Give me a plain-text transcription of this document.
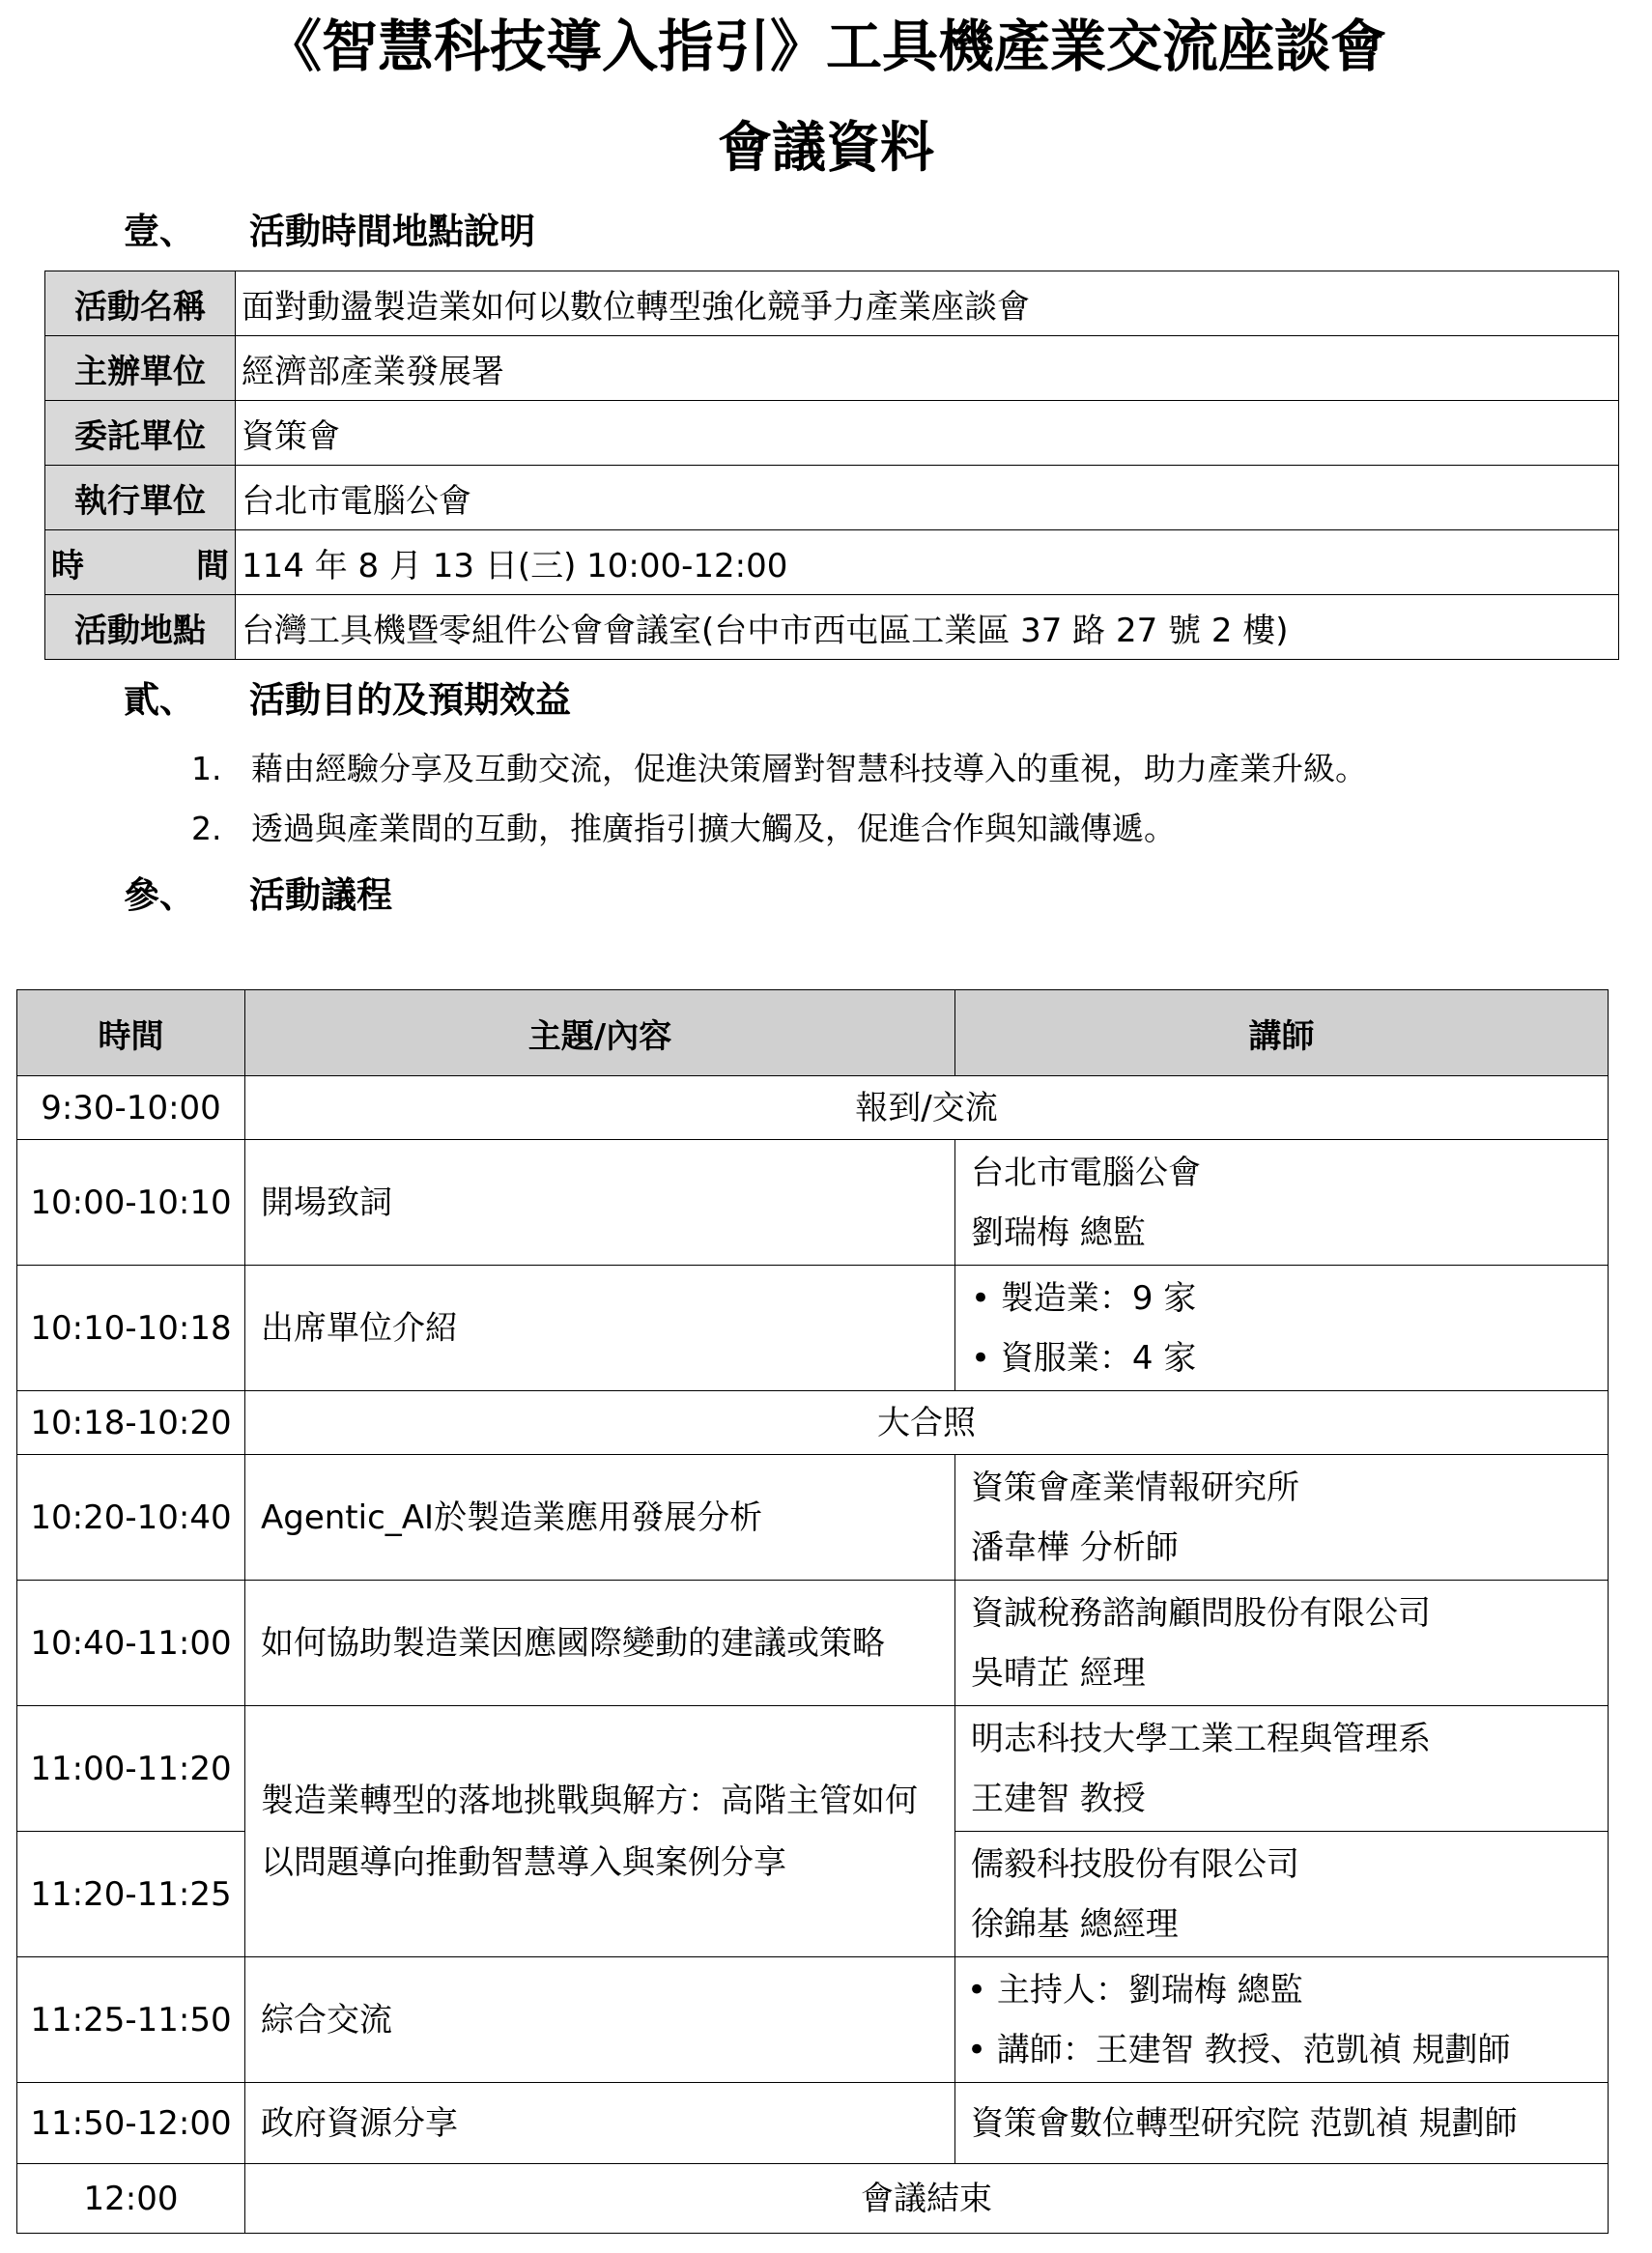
《智慧科技導入指引》工具機產業交流座談會
會議資料
壹、 活動時間地點說明
活動名稱	面對動盪製造業如何以數位轉型強化競爭力產業座談會
主辦單位	經濟部產業發展署
委託單位	資策會
執行單位	台北市電腦公會
時 間	114 年 8 月 13 日(三) 10:00-12:00
活動地點	台灣工具機暨零組件公會會議室(台中市西屯區工業區 37 路 27 號 2 樓)
貳、 活動目的及預期效益
1. 藉由經驗分享及互動交流，促進決策層對智慧科技導入的重視，助力產業升級。
2. 透過與產業間的互動，推廣指引擴大觸及，促進合作與知識傳遞。
參、 活動議程
時間	主題/內容	講師
9:30-10:00	報到/交流	
10:00-10:10	開場致詞	台北市電腦公會
劉瑞梅 總監

10:10-10:18	出席單位介紹	• 製造業：9 家
• 資服業：4 家

10:18-10:20	大合照	
10:20-10:40	Agentic_AI於製造業應用發展分析	資策會產業情報研究所
潘韋樺 分析師

10:40-11:00	如何協助製造業因應國際變動的建議或策略	資誠稅務諮詢顧問股份有限公司
吳晴芷 經理

11:00-11:20	製造業轉型的落地挑戰與解方：高階主管如何以問題導向推動智慧導入與案例分享	明志科技大學工業工程與管理系
王建智 教授

11:20-11:25		儒毅科技股份有限公司
徐錦基 總經理

11:25-11:50	綜合交流	• 主持人：劉瑞梅 總監
• 講師：王建智 教授、范凱禎 規劃師

11:50-12:00	政府資源分享	資策會數位轉型研究院 范凱禎 規劃師
12:00	會議結束	
